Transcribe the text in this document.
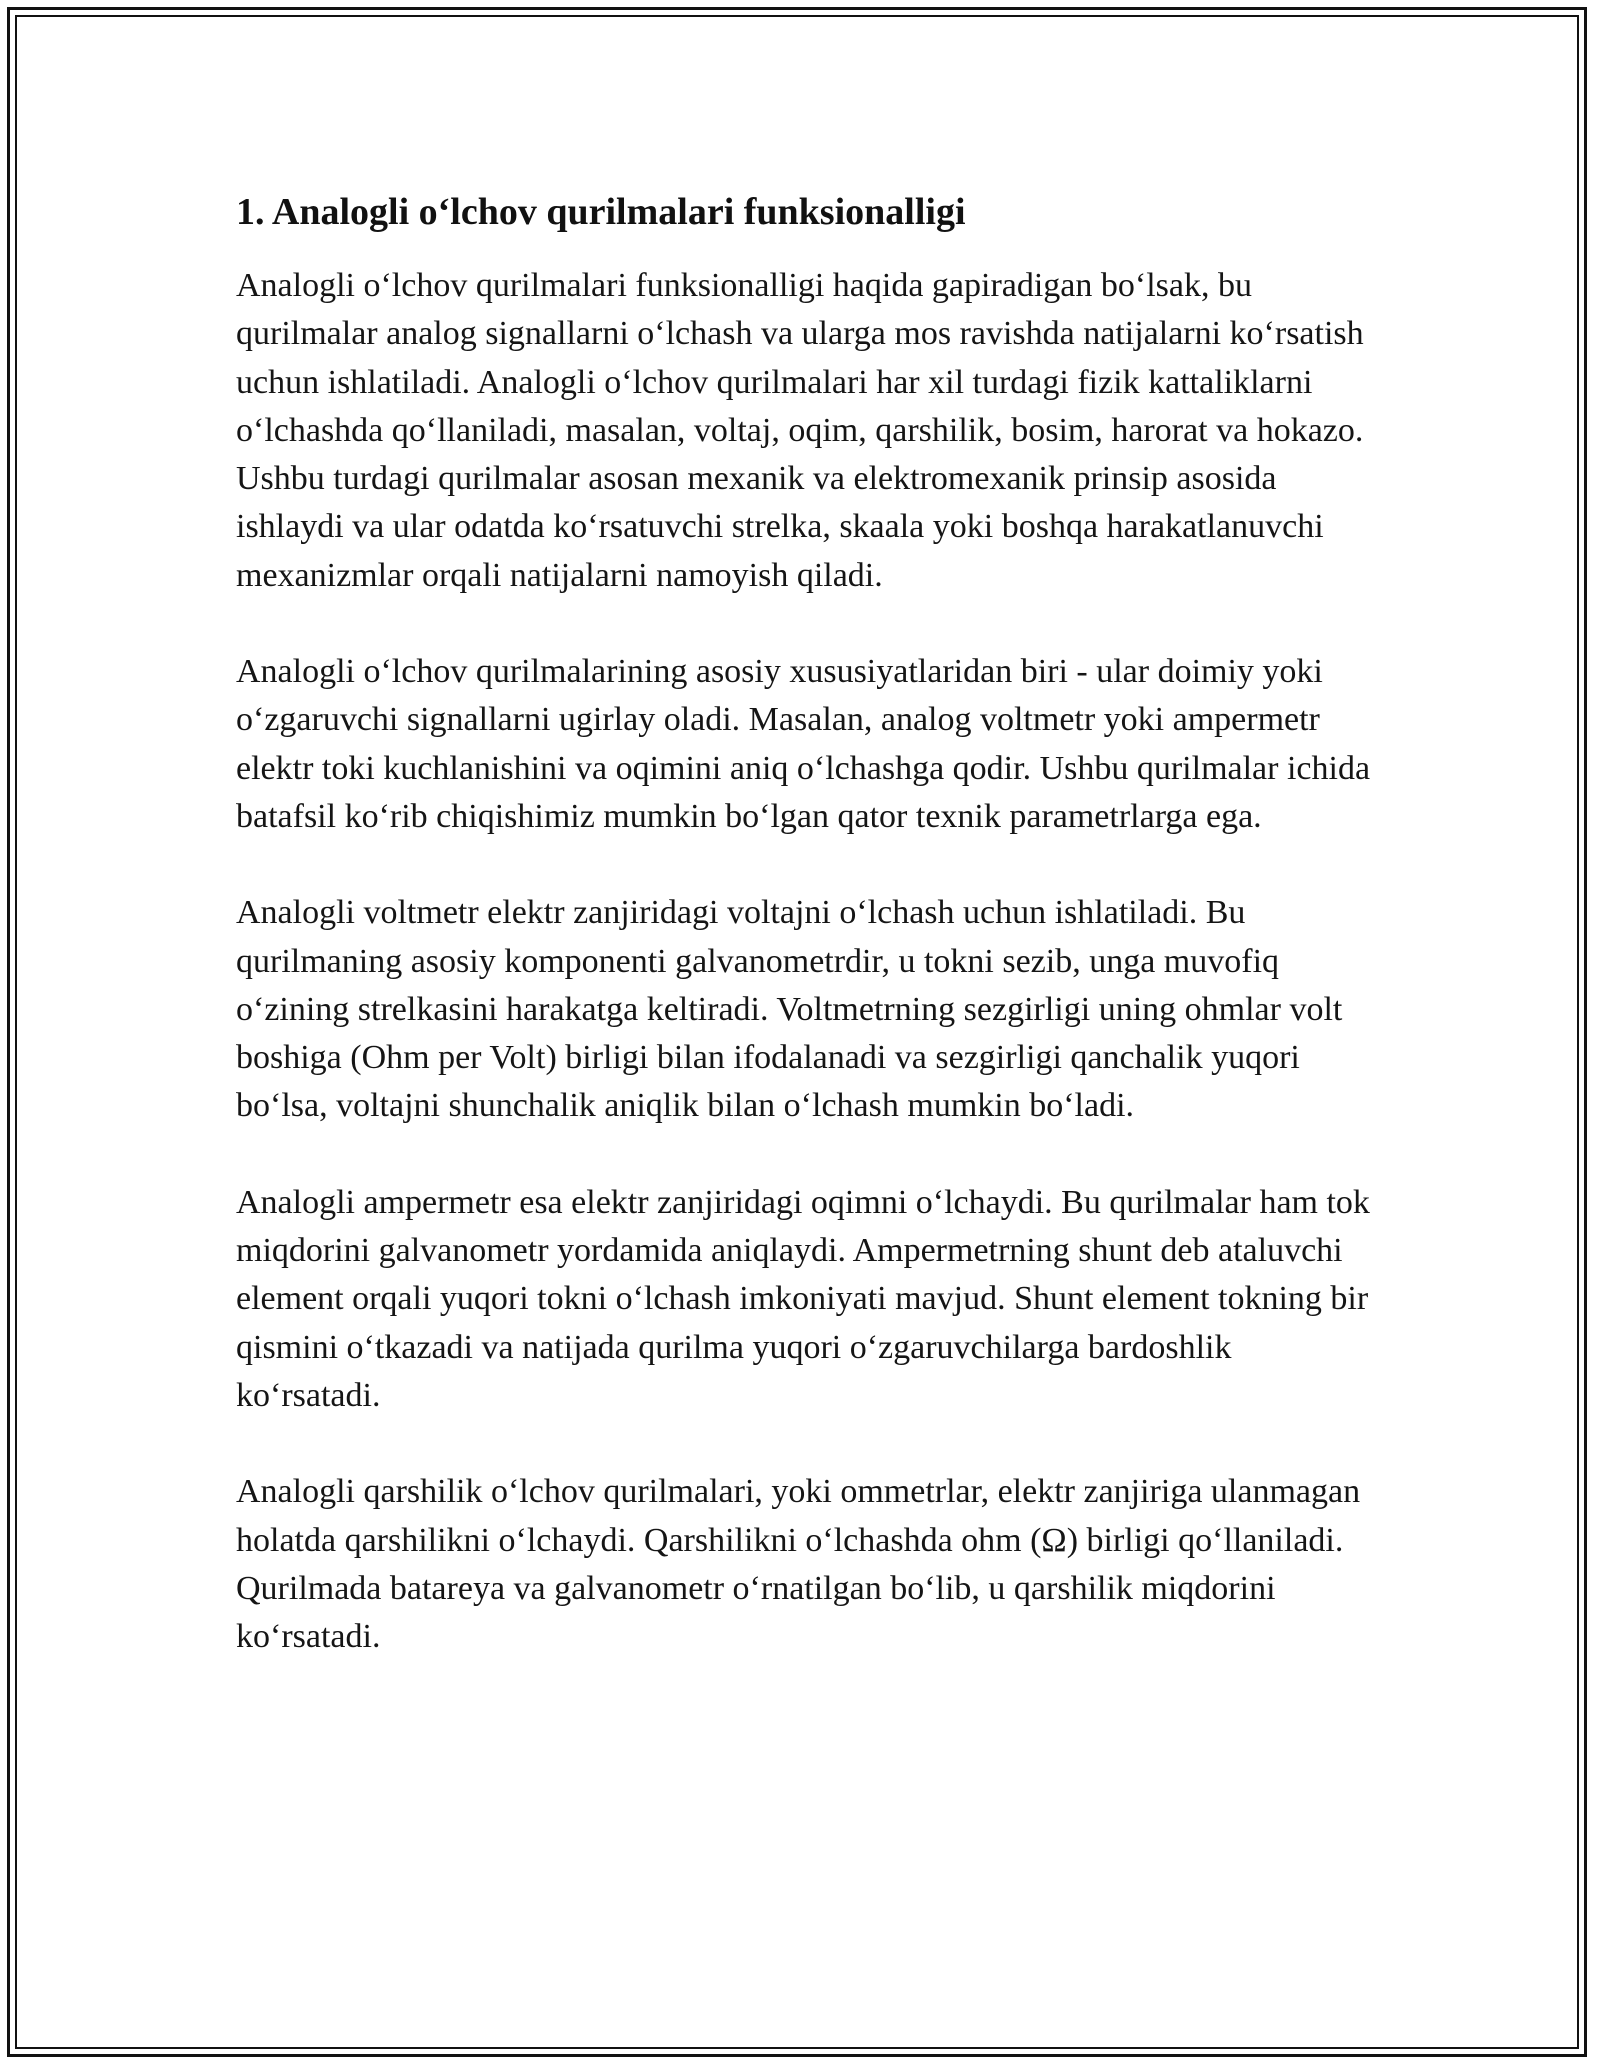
1. Analogli o‘lchov qurilmalari funksionalligi

Analogli o‘lchov qurilmalari funksionalligi haqida gapiradigan bo‘lsak, bu qurilmalar analog signallarni o‘lchash va ularga mos ravishda natijalarni ko‘rsatish uchun ishlatiladi. Analogli o‘lchov qurilmalari har xil turdagi fizik kattaliklarni o‘lchashda qo‘llaniladi, masalan, voltaj, oqim, qarshilik, bosim, harorat va hokazo. Ushbu turdagi qurilmalar asosan mexanik va elektromexanik prinsip asosida ishlaydi va ular odatda ko‘rsatuvchi strelka, skaala yoki boshqa harakatlanuvchi mexanizmlar orqali natijalarni namoyish qiladi.

Analogli o‘lchov qurilmalarining asosiy xususiyatlaridan biri - ular doimiy yoki o‘zgaruvchi signallarni ugirlay oladi. Masalan, analog voltmetr yoki ampermetr elektr toki kuchlanishini va oqimini aniq o‘lchashga qodir. Ushbu qurilmalar ichida batafsil ko‘rib chiqishimiz mumkin bo‘lgan qator texnik parametrlarga ega.

Analogli voltmetr elektr zanjiridagi voltajni o‘lchash uchun ishlatiladi. Bu qurilmaning asosiy komponenti galvanometrdir, u tokni sezib, unga muvofiq o‘zining strelkasini harakatga keltiradi. Voltmetrning sezgirligi uning ohmlar volt boshiga (Ohm per Volt) birligi bilan ifodalanadi va sezgirligi qanchalik yuqori bo‘lsa, voltajni shunchalik aniqlik bilan o‘lchash mumkin bo‘ladi.

Analogli ampermetr esa elektr zanjiridagi oqimni o‘lchaydi. Bu qurilmalar ham tok miqdorini galvanometr yordamida aniqlaydi. Ampermetrning shunt deb ataluvchi element orqali yuqori tokni o‘lchash imkoniyati mavjud. Shunt element tokning bir qismini o‘tkazadi va natijada qurilma yuqori o‘zgaruvchilarga bardoshlik ko‘rsatadi.

Analogli qarshilik o‘lchov qurilmalari, yoki ommetrlar, elektr zanjiriga ulanmagan holatda qarshilikni o‘lchaydi. Qarshilikni o‘lchashda ohm (Ω) birligi qo‘llaniladi. Qurilmada batareya va galvanometr o‘rnatilgan bo‘lib, u qarshilik miqdorini ko‘rsatadi.
